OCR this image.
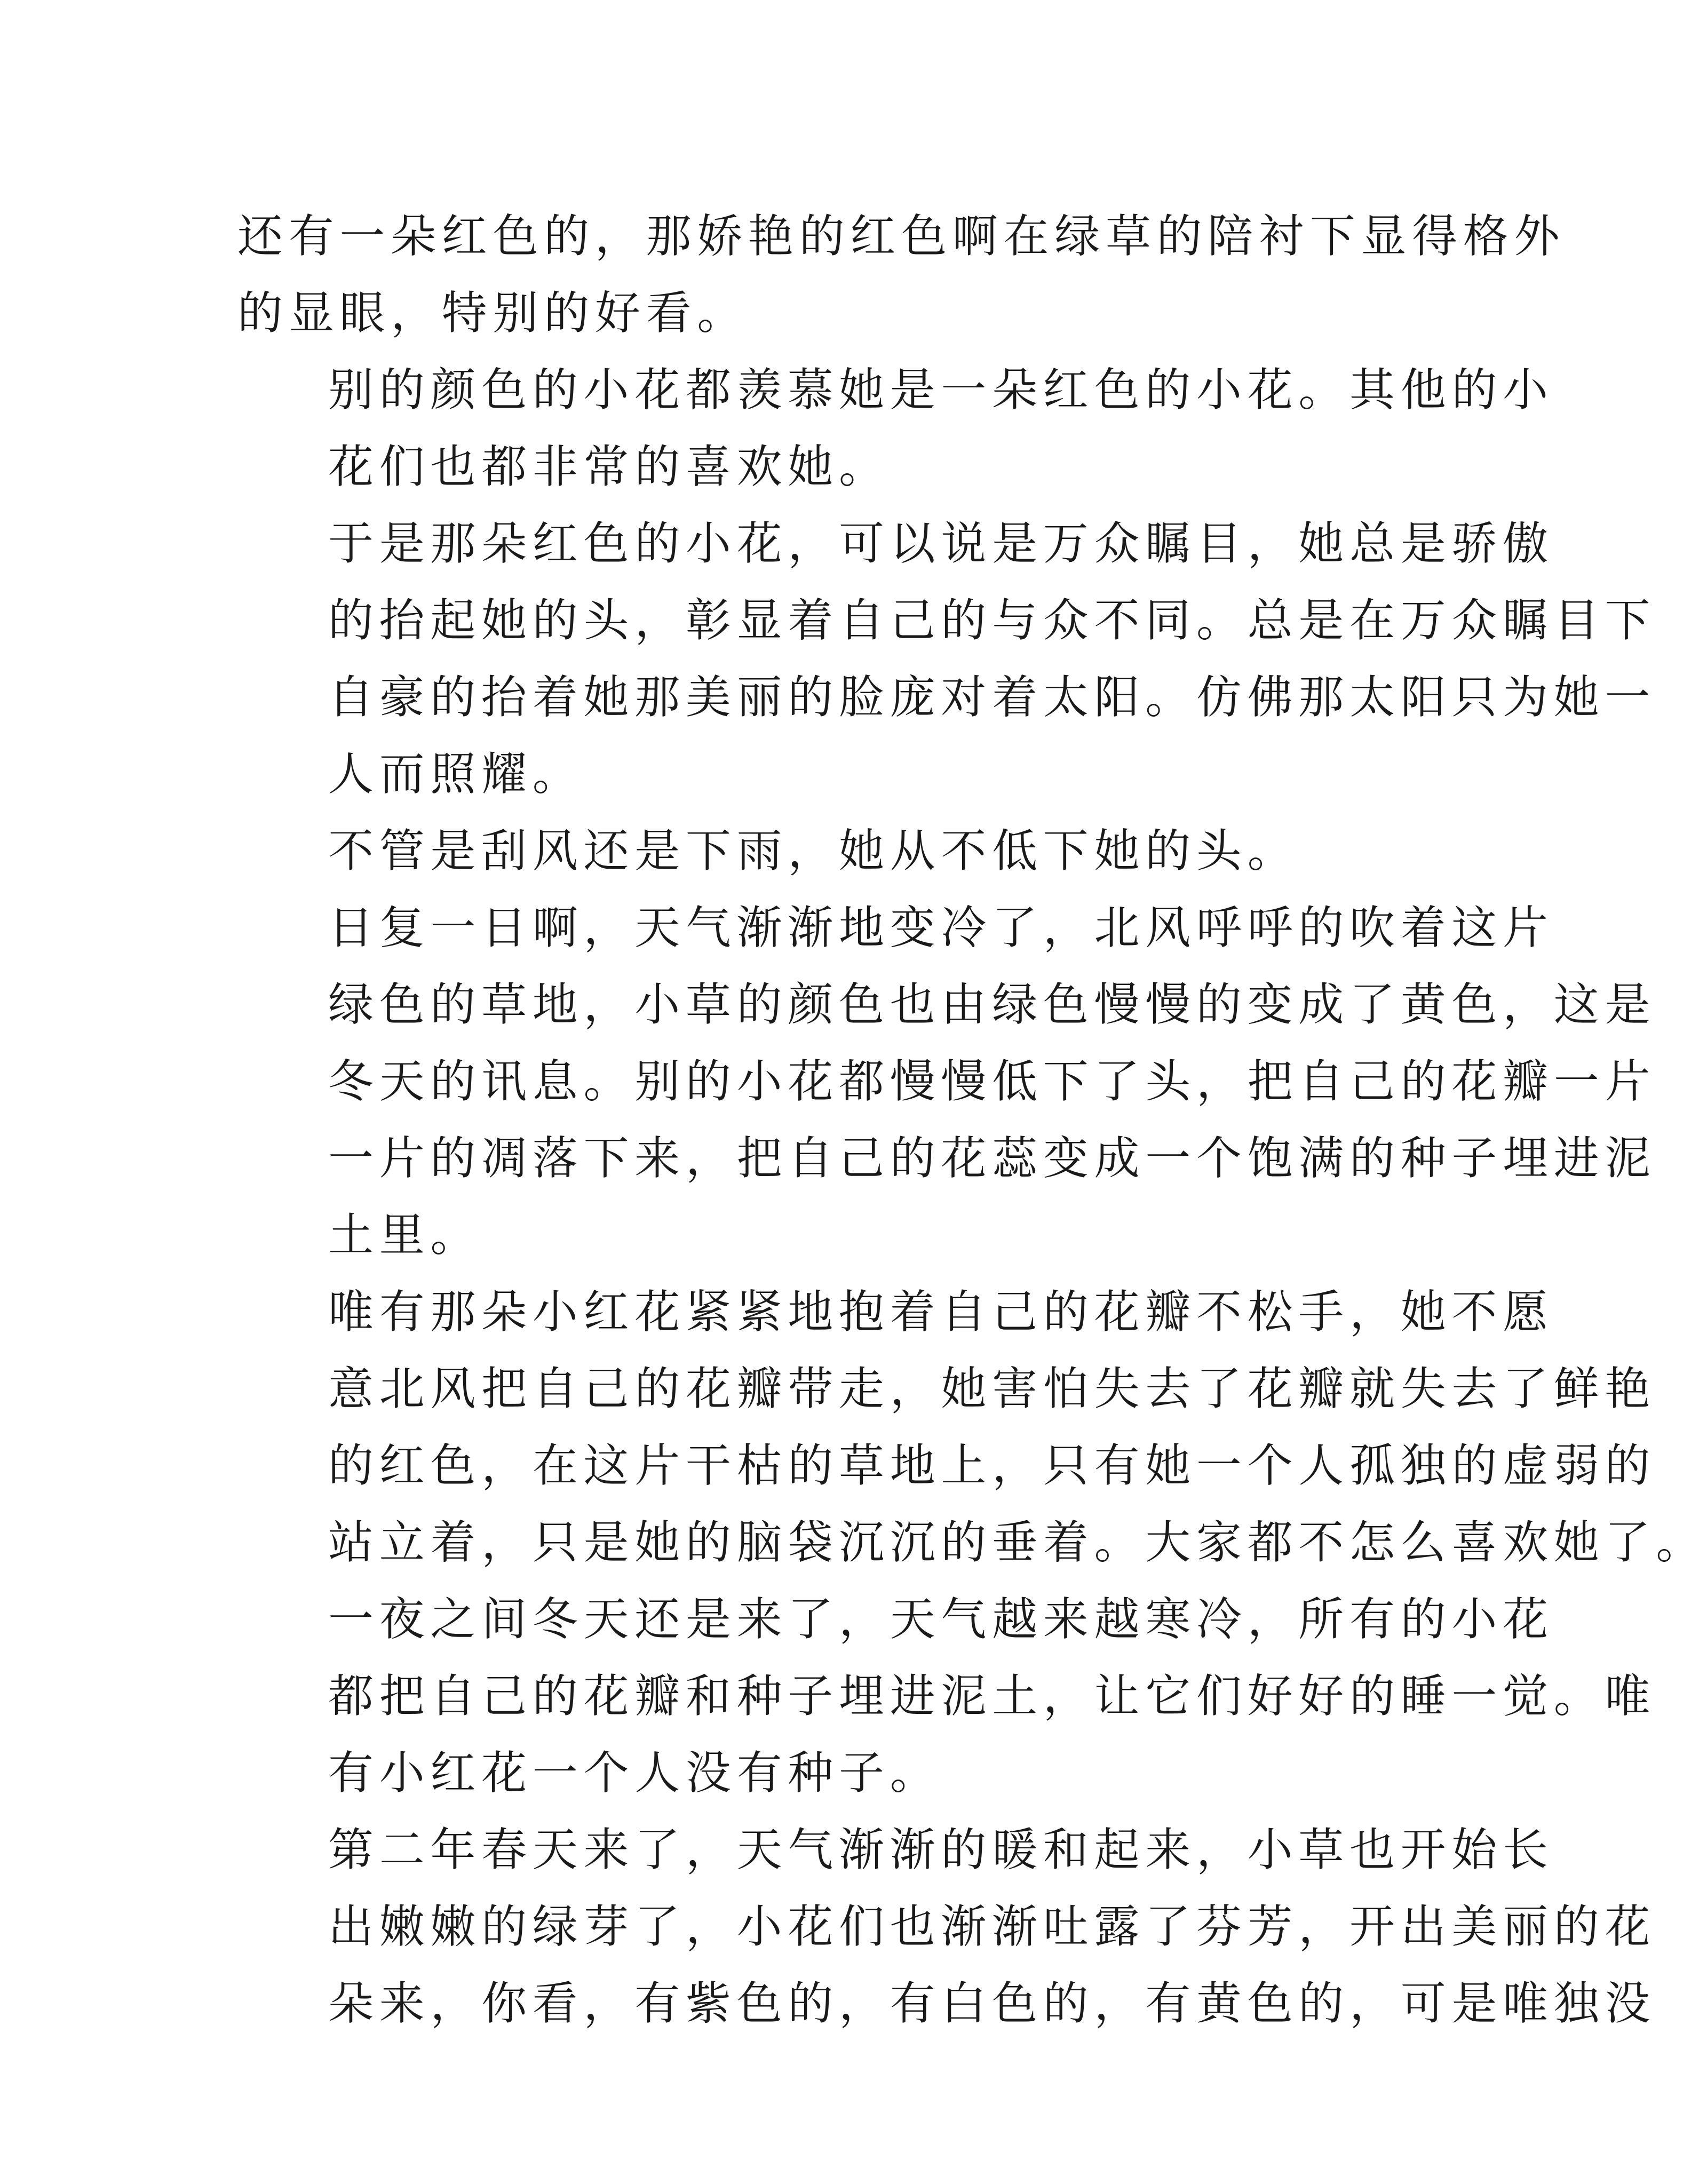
还有一朵红色的，那娇艳的红色啊在绿草的陪衬下显得格外
的显眼，特别的好看。

别的颜色的小花都羡慕她是一朵红色的小花。其他的小
花们也都非常的喜欢她。

于是那朵红色的小花，可以说是万众瞩目，她总是骄傲
的抬起她的头，彰显着自己的与众不同。总是在万众瞩目下
自豪的抬着她那美丽的脸庞对着太阳。仿佛那太阳只为她一
人而照耀。

不管是刮风还是下雨，她从不低下她的头。

日复一日啊，天气渐渐地变冷了，北风呼呼的吹着这片
绿色的草地，小草的颜色也由绿色慢慢的变成了黄色，这是
冬天的讯息。别的小花都慢慢低下了头，把自己的花瓣一片
一片的凋落下来，把自己的花蕊变成一个饱满的种子埋进泥
土里。

唯有那朵小红花紧紧地抱着自己的花瓣不松手，她不愿
意北风把自己的花瓣带走，她害怕失去了花瓣就失去了鲜艳
的红色，在这片干枯的草地上，只有她一个人孤独的虚弱的
站立着，只是她的脑袋沉沉的垂着。大家都不怎么喜欢她了。

一夜之间冬天还是来了，天气越来越寒冷，所有的小花
都把自己的花瓣和种子埋进泥土，让它们好好的睡一觉。唯
有小红花一个人没有种子。

第二年春天来了，天气渐渐的暖和起来，小草也开始长
出嫩嫩的绿芽了，小花们也渐渐吐露了芬芳，开出美丽的花
朵来，你看，有紫色的，有白色的，有黄色的，可是唯独没
